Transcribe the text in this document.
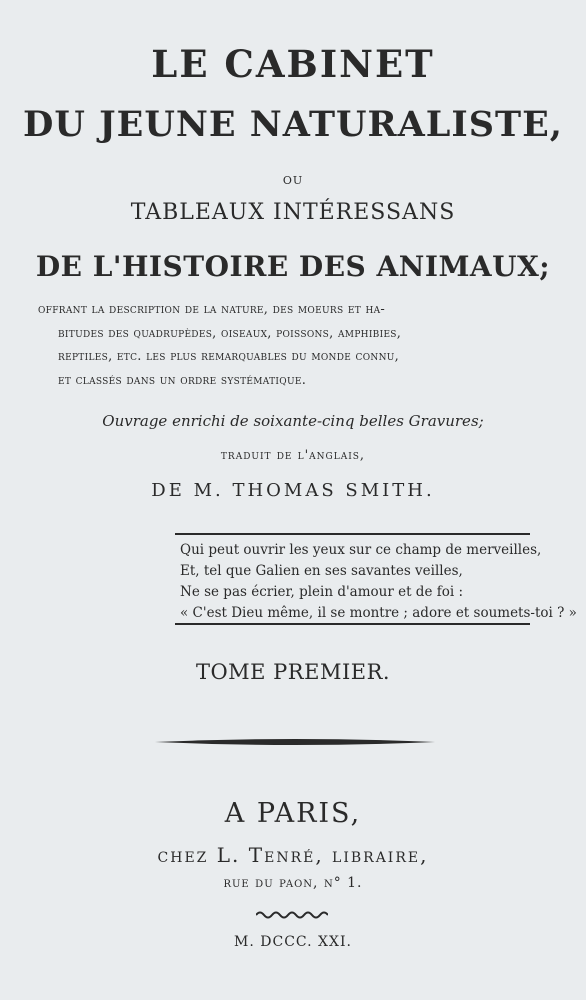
LE CABINET
DU JEUNE NATURALISTE,
ou
TABLEAUX INTÉRESSANS
DE L'HISTOIRE DES ANIMAUX;
offrant la description de la nature, des moeurs et ha-
bitudes des quadrupèdes, oiseaux, poissons, amphibies,
reptiles, etc. les plus remarquables du monde connu,
et classés dans un ordre systématique.
Ouvrage enrichi de soixante-cinq belles Gravures;
traduit de l'anglais,
DE M. THOMAS SMITH.
Qui peut ouvrir les yeux sur ce champ de merveilles,
Et, tel que Galien en ses savantes veilles,
Ne se pas écrier, plein d'amour et de foi :
« C'est Dieu même, il se montre ; adore et soumets-toi ? »
TOME PREMIER.
A PARIS,
chez L. Tenré, libraire,
rue du paon, n° 1.
M. DCCC. XXI.
